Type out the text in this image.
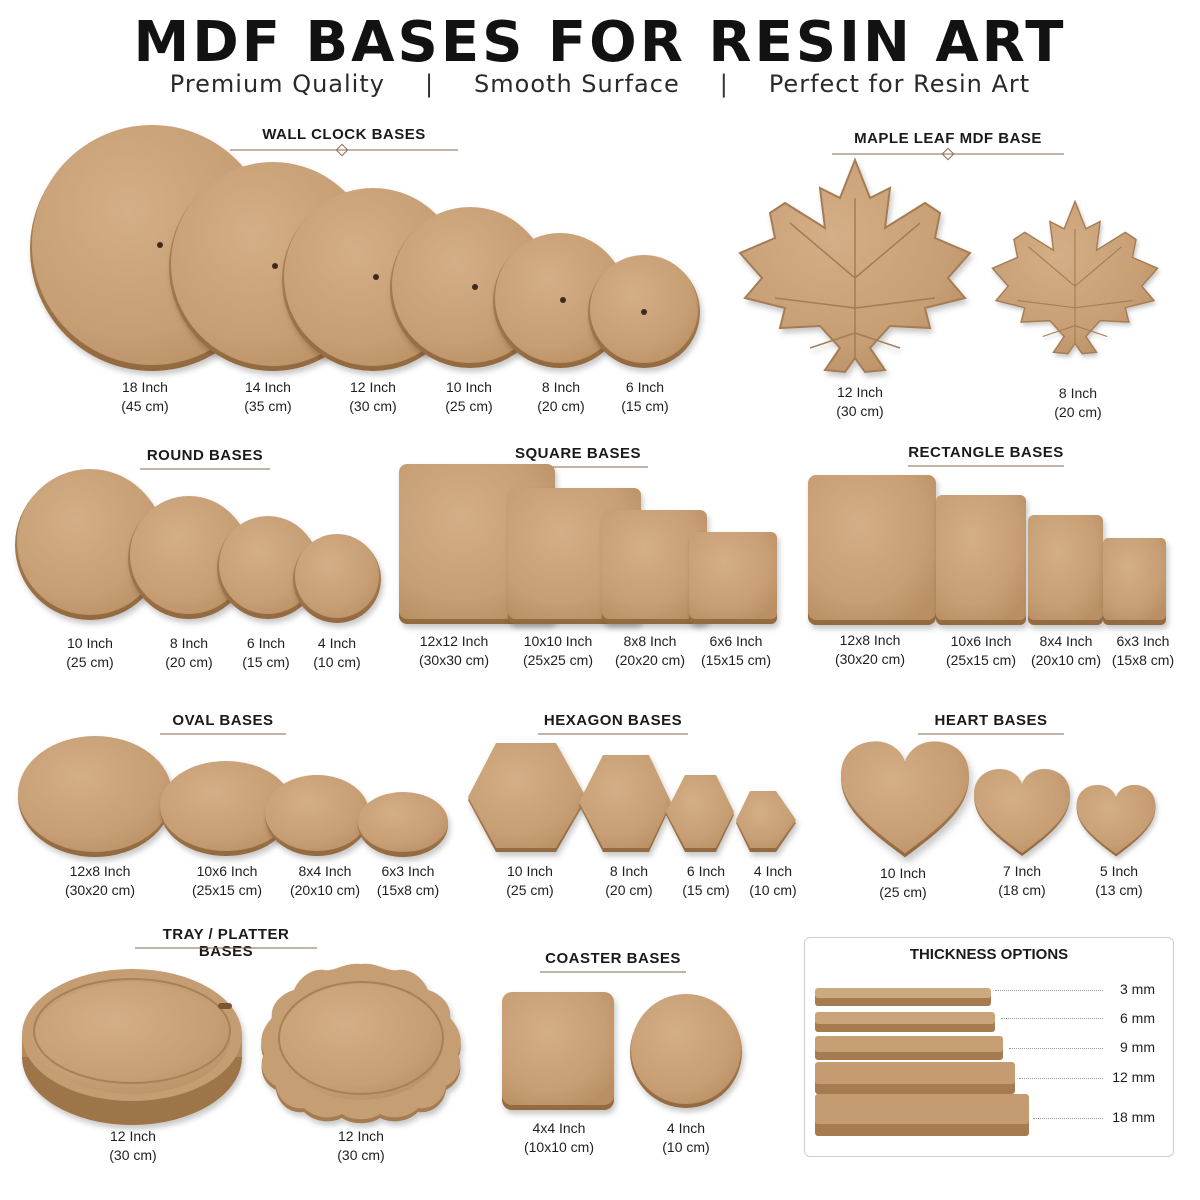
MDF BASES FOR RESIN ART
Premium Quality | Smooth Surface | Perfect for Resin Art
WALL CLOCK BASES
18 Inch
(45 cm)
14 Inch
(35 cm)
12 Inch
(30 cm)
10 Inch
(25 cm)
8 Inch
(20 cm)
6 Inch
(15 cm)
MAPLE LEAF MDF BASE
12 Inch
(30 cm)
8 Inch
(20 cm)
ROUND BASES
10 Inch
(25 cm)
8 Inch
(20 cm)
6 Inch
(15 cm)
4 Inch
(10 cm)
SQUARE BASES
12x12 Inch
(30x30 cm)
10x10 Inch
(25x25 cm)
8x8 Inch
(20x20 cm)
6x6 Inch
(15x15 cm)
RECTANGLE BASES
12x8 Inch
(30x20 cm)
10x6 Inch
(25x15 cm)
8x4 Inch
(20x10 cm)
6x3 Inch
(15x8 cm)
OVAL BASES
12x8 Inch
(30x20 cm)
10x6 Inch
(25x15 cm)
8x4 Inch
(20x10 cm)
6x3 Inch
(15x8 cm)
HEXAGON BASES
10 Inch
(25 cm)
8 Inch
(20 cm)
6 Inch
(15 cm)
4 Inch
(10 cm)
HEART BASES
10 Inch
(25 cm)
7 Inch
(18 cm)
5 Inch
(13 cm)
TRAY / PLATTER BASES
12 Inch
(30 cm)
12 Inch
(30 cm)
COASTER BASES
4x4 Inch
(10x10 cm)
4 Inch
(10 cm)
THICKNESS OPTIONS
3 mm
6 mm
9 mm
12 mm
18 mm
